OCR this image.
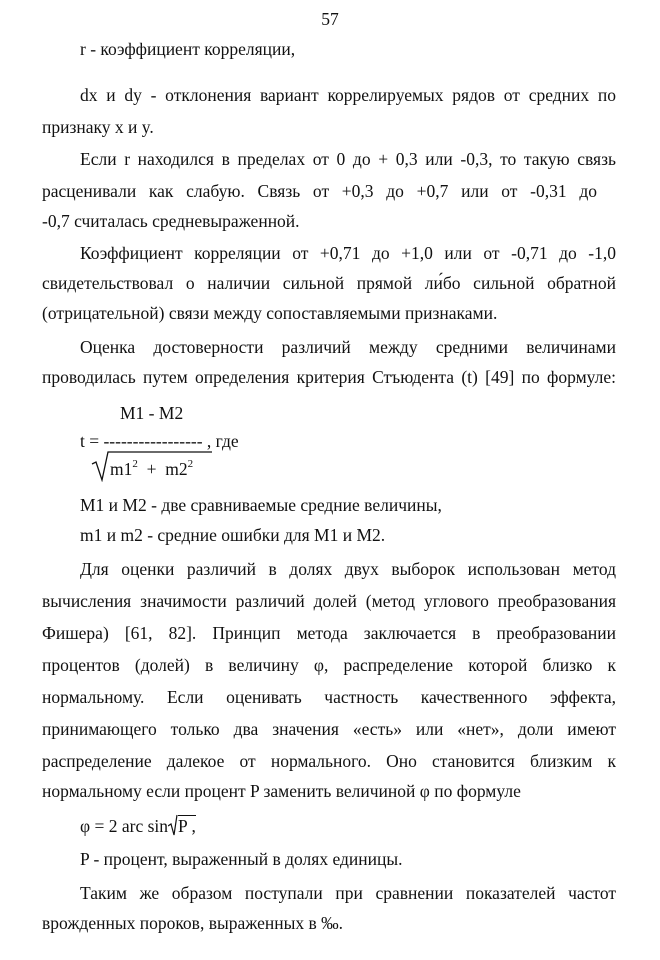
57
r - коэффициент корреляции,
dx и dy - отклонения вариант коррелируемых рядов от средних по
признаку x и y.
Если r находился в пределах от 0 до + 0,3 или -0,3, то такую связь
расценивали как слабую. Связь от +0,3 до +0,7 или от -0,31 до
-0,7 считалась средневыраженной.
Коэффициент корреляции от +0,71 до +1,0 или от -0,71 до -1,0
свидетельствовал о наличии сильной прямой ли́бо сильной обратной
(отрицательной) связи между сопоставляемыми признаками.
Оценка достоверности различий между средними величинами
проводилась путем определения критерия Стъюдента (t) [49] по формуле:
M1 - M2
t = ----------------- , где
$m1^2 + m2^2$
M1 и M2 - две сравниваемые средние величины,
m1 и m2 - средние ошибки для M1 и M2.
Для оценки различий в долях двух выборок использован метод
вычисления значимости различий долей (метод углового преобразования
Фишера) [61, 82]. Принцип метода заключается в преобразовании
процентов (долей) в величину φ, распределение которой близко к
нормальному. Если оценивать частность качественного эффекта,
принимающего только два значения «есть» или «нет», доли имеют
распределение далекое от нормального. Оно становится близким к
нормальному если процент P заменить величиной φ по формуле
φ = 2 arc sin P ,
P - процент, выраженный в долях единицы.
Таким же образом поступали при сравнении показателей частот
врожденных пороков, выраженных в ‰.
